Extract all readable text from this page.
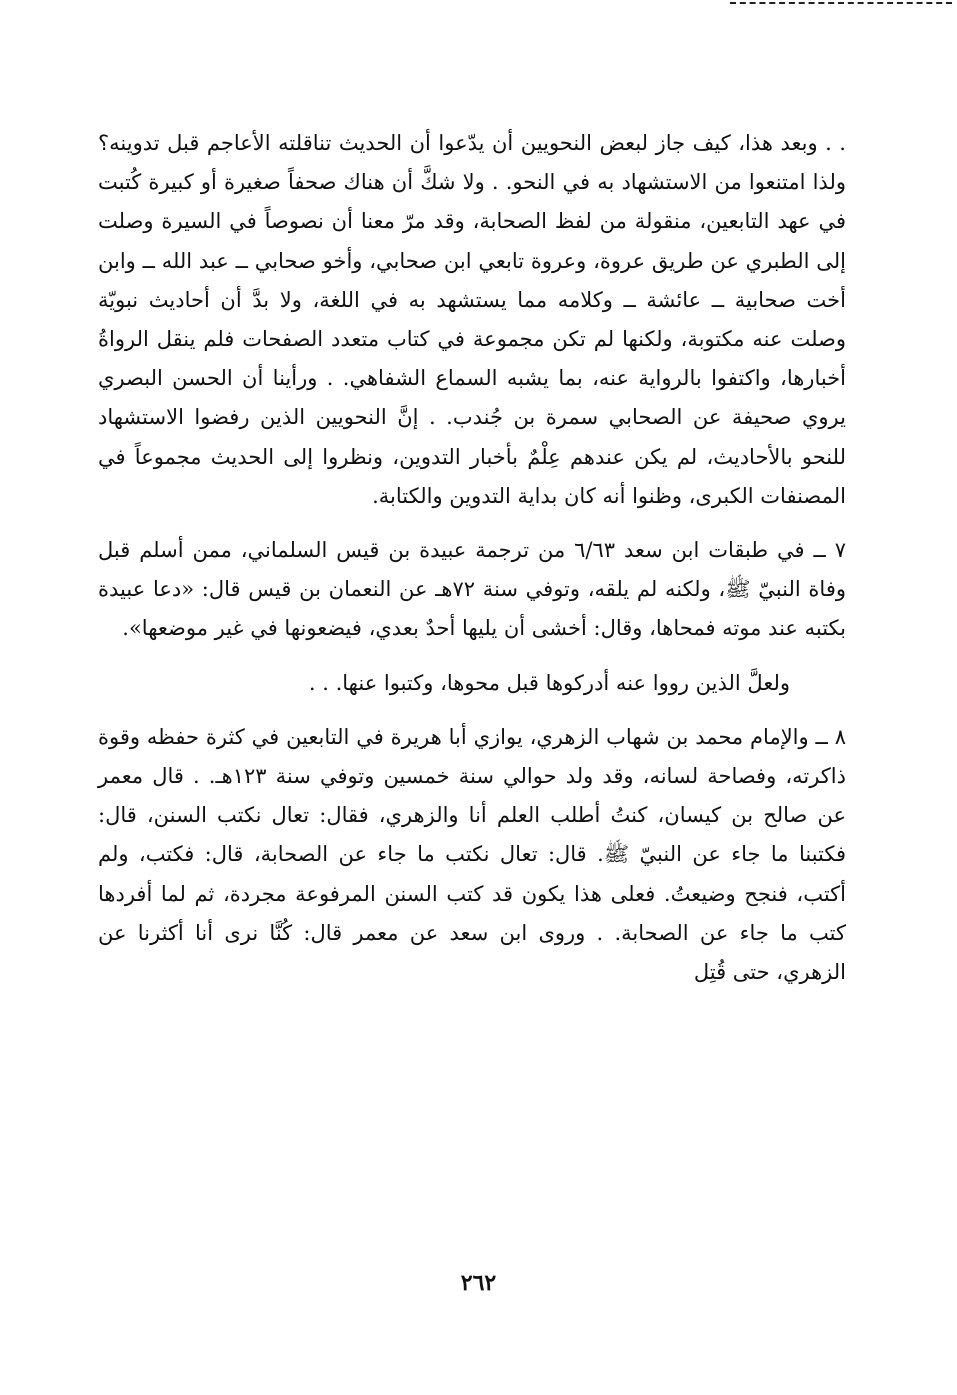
. . وبعد هذا، كيف جاز لبعض النحويين أن يدّعوا أن الحديث تناقلته الأعاجم قبل تدوينه؟ ولذا امتنعوا من الاستشهاد به في النحو. . ولا شكَّ أن هناك صحفاً صغيرة أو كبيرة كُتبت في عهد التابعين، منقولة من لفظ الصحابة، وقد مرّ معنا أن نصوصاً في السيرة وصلت إلى الطبري عن طريق عروة، وعروة تابعي ابن صحابي، وأخو صحابي ــ عبد الله ــ وابن أخت صحابية ــ عائشة ــ وكلامه مما يستشهد به في اللغة، ولا بدَّ أن أحاديث نبويّة وصلت عنه مكتوبة، ولكنها لم تكن مجموعة في كتاب متعدد الصفحات فلم ينقل الرواةُ أخبارها، واكتفوا بالرواية عنه، بما يشبه السماع الشفاهي. . ورأينا أن الحسن البصري يروي صحيفة عن الصحابي سمرة بن جُندب. . إنَّ النحويين الذين رفضوا الاستشهاد للنحو بالأحاديث، لم يكن عندهم عِلْمٌ بأخبار التدوين، ونظروا إلى الحديث مجموعاً في المصنفات الكبرى، وظنوا أنه كان بداية التدوين والكتابة.

٧ ــ في طبقات ابن سعد ٦/٦٣ من ترجمة عبيدة بن قيس السلماني، ممن أسلم قبل وفاة النبيّ ﷺ، ولكنه لم يلقه، وتوفي سنة ٧٢هـ عن النعمان بن قيس قال: «دعا عبيدة بكتبه عند موته فمحاها، وقال: أخشى أن يليها أحدٌ بعدي، فيضعونها في غير موضعها».

ولعلَّ الذين رووا عنه أدركوها قبل محوها، وكتبوا عنها. . .

٨ ــ والإمام محمد بن شهاب الزهري، يوازي أبا هريرة في التابعين في كثرة حفظه وقوة ذاكرته، وفصاحة لسانه، وقد ولد حوالي سنة خمسين وتوفي سنة ١٢٣هـ. . قال معمر عن صالح بن كيسان، كنتُ أطلب العلم أنا والزهري، فقال: تعال نكتب السنن، قال: فكتبنا ما جاء عن النبيّ ﷺ. قال: تعال نكتب ما جاء عن الصحابة، قال: فكتب، ولم أكتب، فنجح وضيعتُ. فعلى هذا يكون قد كتب السنن المرفوعة مجردة، ثم لما أفردها كتب ما جاء عن الصحابة. . وروى ابن سعد عن معمر قال: كُنَّا نرى أنا أكثرنا عن الزهري، حتى قُتِل

٢٦٢
